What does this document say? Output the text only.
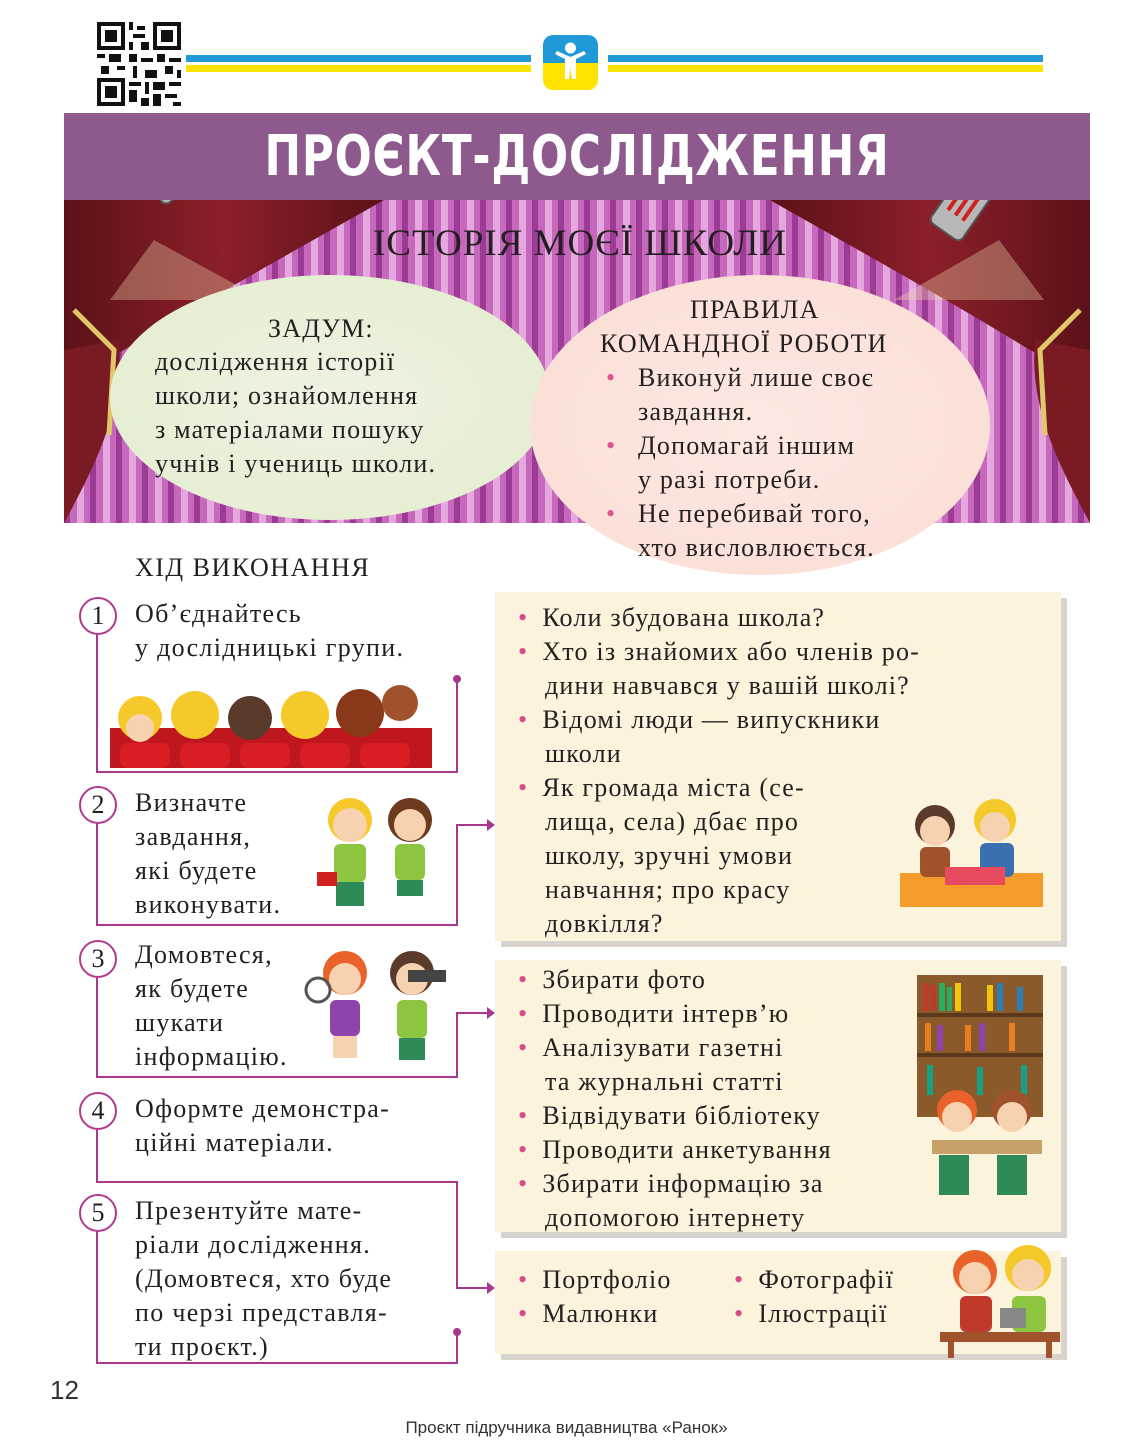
ПРОЄКТ-ДОСЛІДЖЕННЯ
ІСТОРІЯ МОЄЇ ШКОЛИ
ЗАДУМ:
дослідження історії
школи; ознайомлення
з матеріалами пошуку
учнів і учениць школи.
ПРАВИЛА
КОМАНДНОЇ РОБОТИ
• Виконуй лише своє
завдання.
• Допомагай іншим
у разі потреби.
• Не перебивай того,
хто висловлюється.
ХІД ВИКОНАННЯ
1
2
3
4
5
Об’єднайтесь
у дослідницькі групи.
Визначте
завдання,
які будете
виконувати.
Домовтеся,
як будете
шукати
інформацію.
Оформте демонстра-
ційні матеріали.
Презентуйте мате-
ріали дослідження.
(Домовтеся, хто буде
по черзі представля-
ти проєкт.)
• Коли збудована школа?
• Хто із знайомих або членів ро-
дини навчався у вашій школі?
• Відомі люди — випускники
школи
• Як громада міста (се-
лища, села) дбає про
школу, зручні умови
навчання; про красу
довкілля?
• Збирати фото
• Проводити інтерв’ю
• Аналізувати газетні
та журнальні статті
• Відвідувати бібліотеку
• Проводити анкетування
• Збирати інформацію за
допомогою інтернету
• Портфоліо
• Малюнки
• Фотографії
• Ілюстрації
12
Проєкт підручника видавництва «Ранок»
